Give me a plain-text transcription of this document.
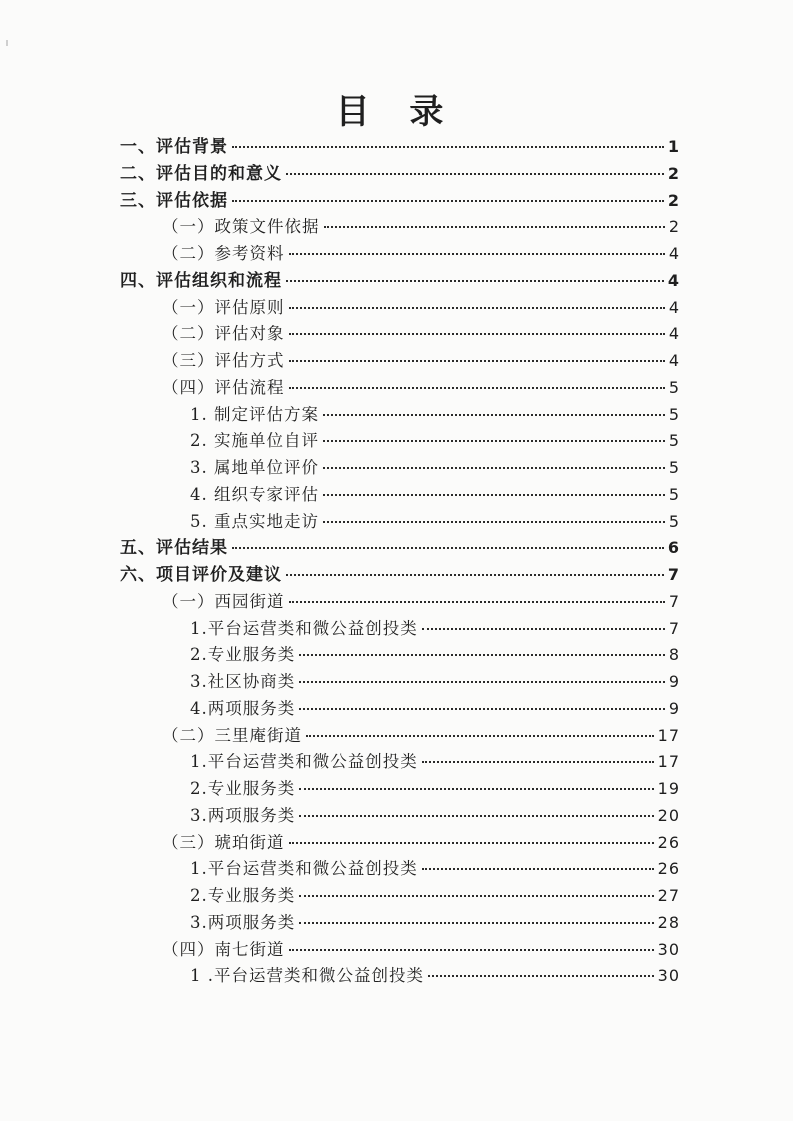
目 录
一、评估背景	1
二、评估目的和意义	2
三、评估依据	2
（一）政策文件依据	2
（二）参考资料	4
四、评估组织和流程	4
（一）评估原则	4
（二）评估对象	4
（三）评估方式	4
（四）评估流程	5
1. 制定评估方案	5
2. 实施单位自评	5
3. 属地单位评价	5
4. 组织专家评估	5
5. 重点实地走访	5
五、评估结果	6
六、项目评价及建议	7
（一）西园街道	7
1.平台运营类和微公益创投类	7
2.专业服务类	8
3.社区协商类	9
4.两项服务类	9
（二）三里庵街道	17
1.平台运营类和微公益创投类	17
2.专业服务类	19
3.两项服务类	20
（三）琥珀街道	26
1.平台运营类和微公益创投类	26
2.专业服务类	27
3.两项服务类	28
（四）南七街道	30
1 .平台运营类和微公益创投类	30
